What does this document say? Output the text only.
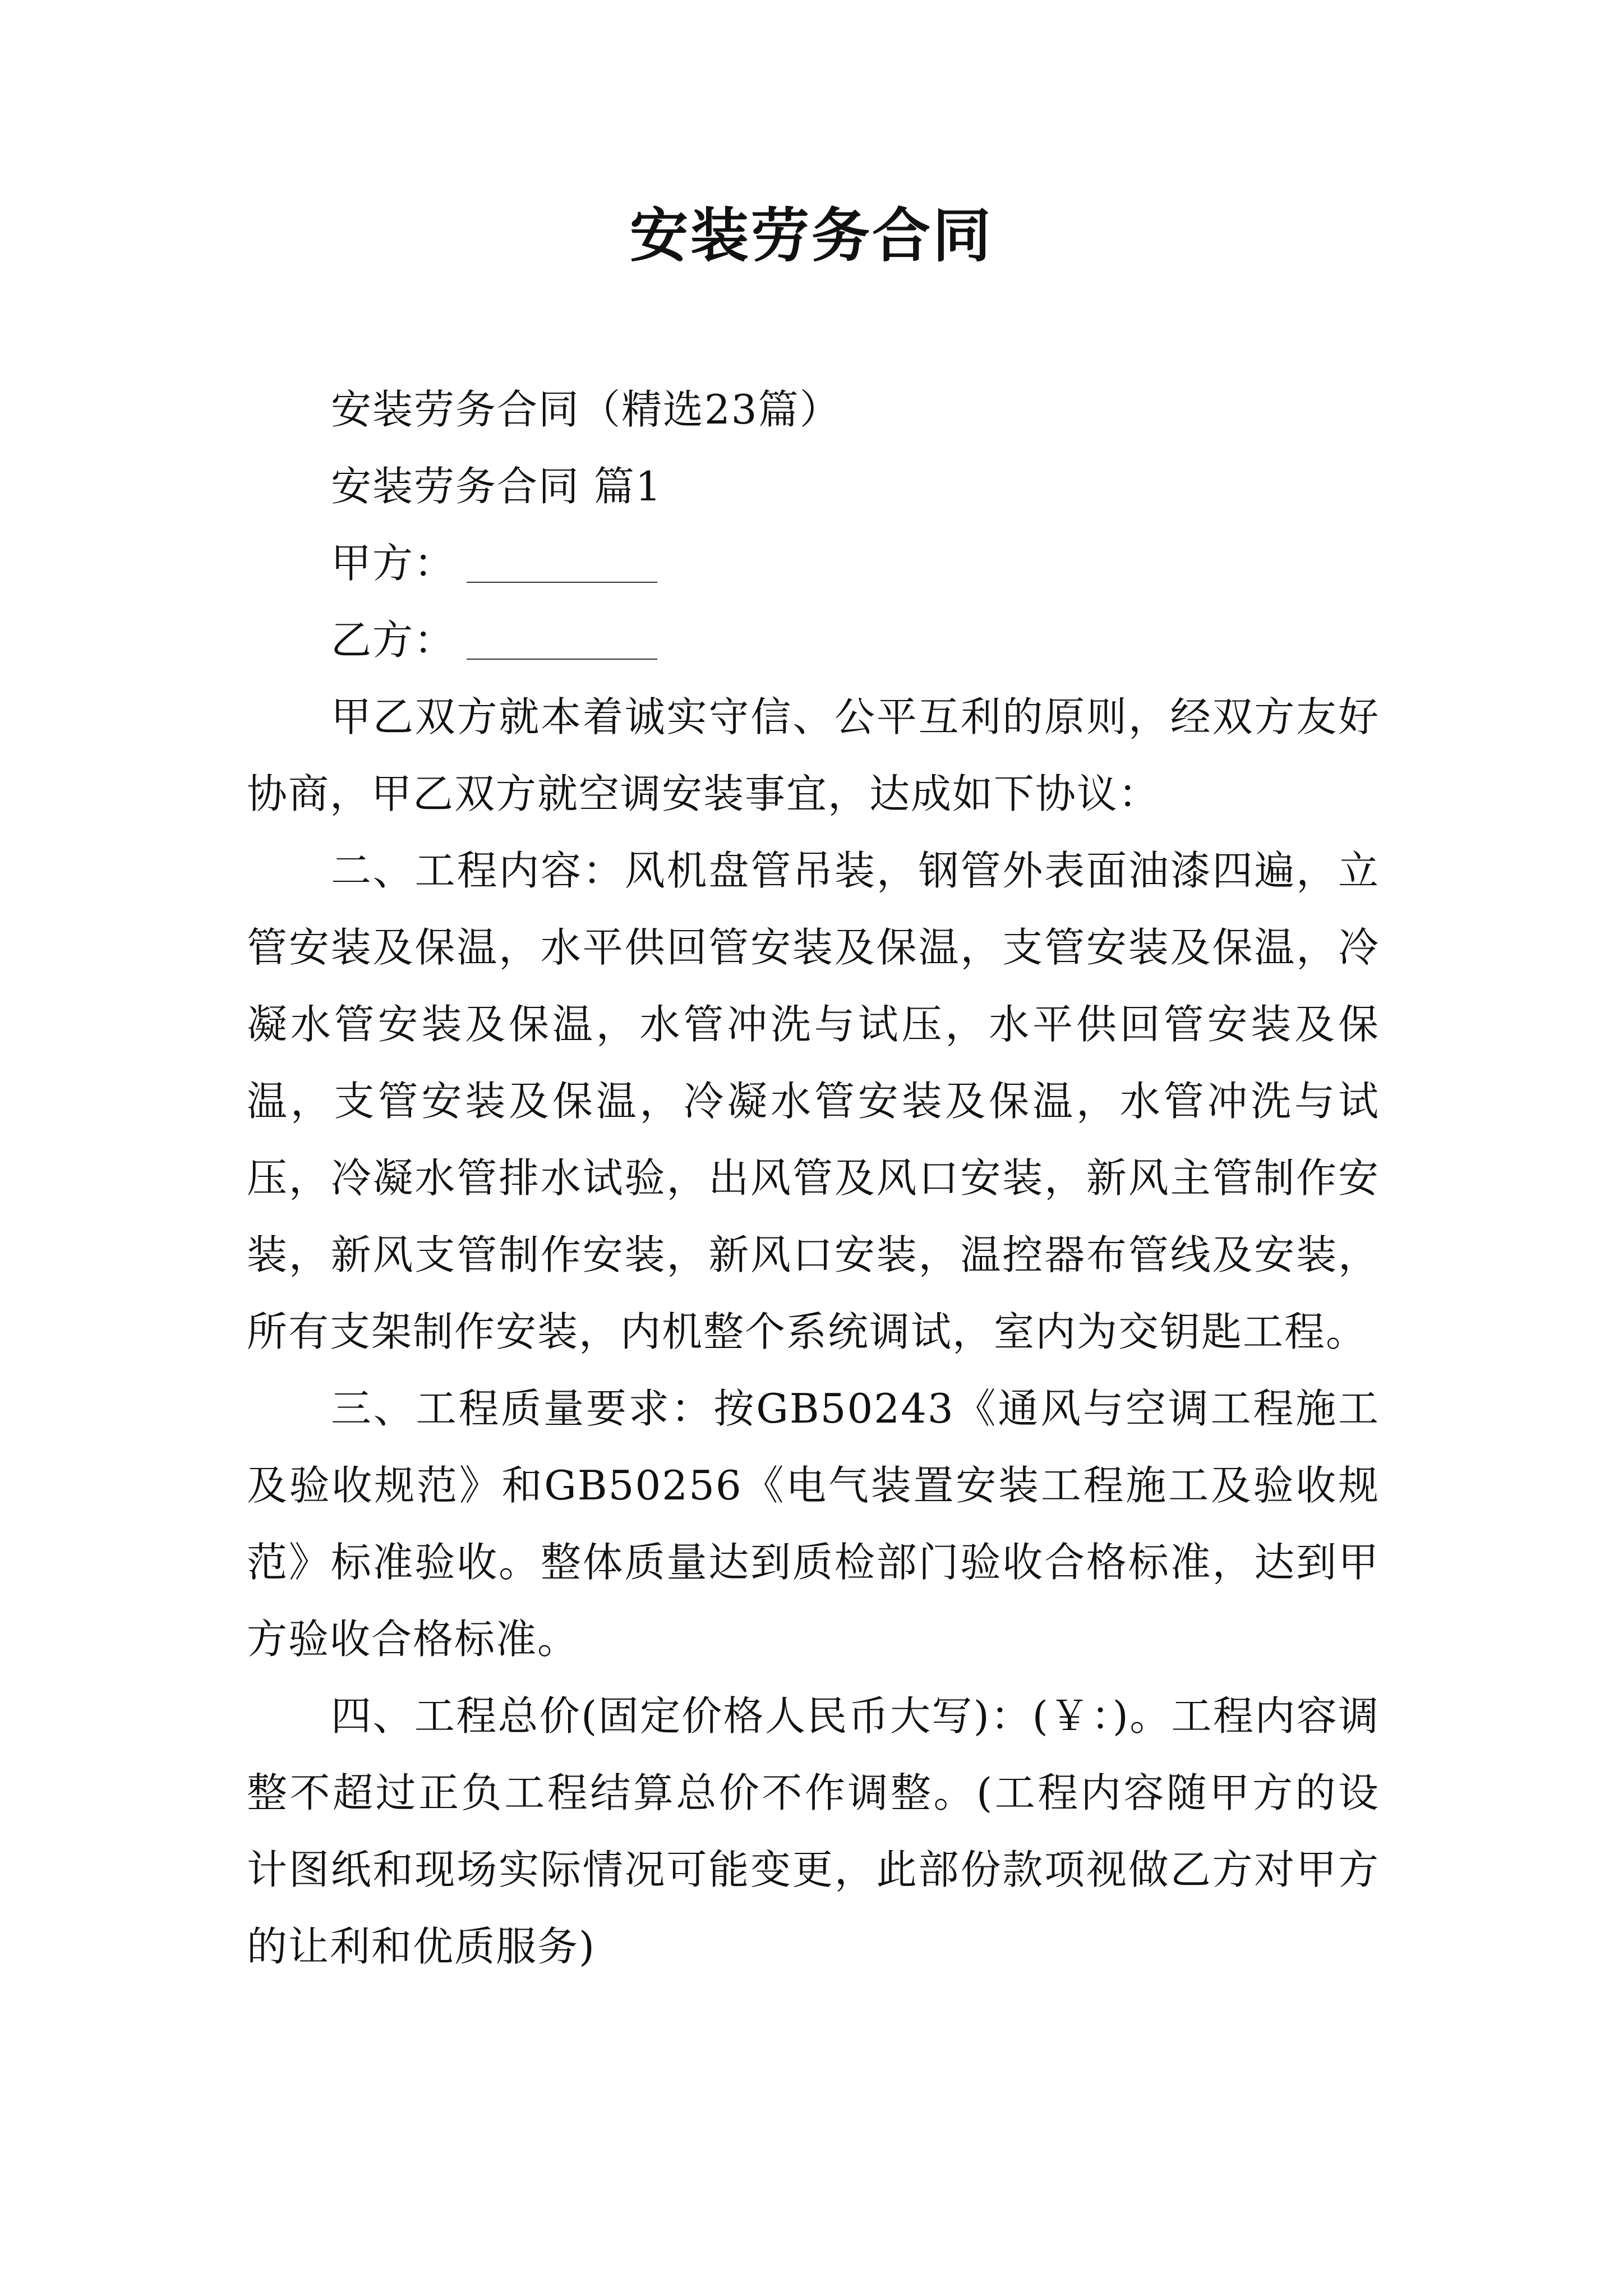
安装劳务合同

安装劳务合同（精选23篇）

安装劳务合同 篇1

甲方：

乙方：

甲乙双方就本着诚实守信、公平互利的原则，经双方友好协商，甲乙双方就空调安装事宜，达成如下协议：

二、工程内容：风机盘管吊装，钢管外表面油漆四遍，立管安装及保温，水平供回管安装及保温，支管安装及保温，冷凝水管安装及保温，水管冲洗与试压，水平供回管安装及保温，支管安装及保温，冷凝水管安装及保温，水管冲洗与试压，冷凝水管排水试验，出风管及风口安装，新风主管制作安装，新风支管制作安装，新风口安装，温控器布管线及安装，所有支架制作安装，内机整个系统调试，室内为交钥匙工程。

三、工程质量要求：按GB50243《通风与空调工程施工及验收规范》和GB50256《电气装置安装工程施工及验收规范》标准验收。整体质量达到质检部门验收合格标准，达到甲方验收合格标准。

四、工程总价(固定价格人民币大写)：(￥：)。工程内容调整不超过正负工程结算总价不作调整。(工程内容随甲方的设计图纸和现场实际情况可能变更，此部份款项视做乙方对甲方的让利和优质服务)
